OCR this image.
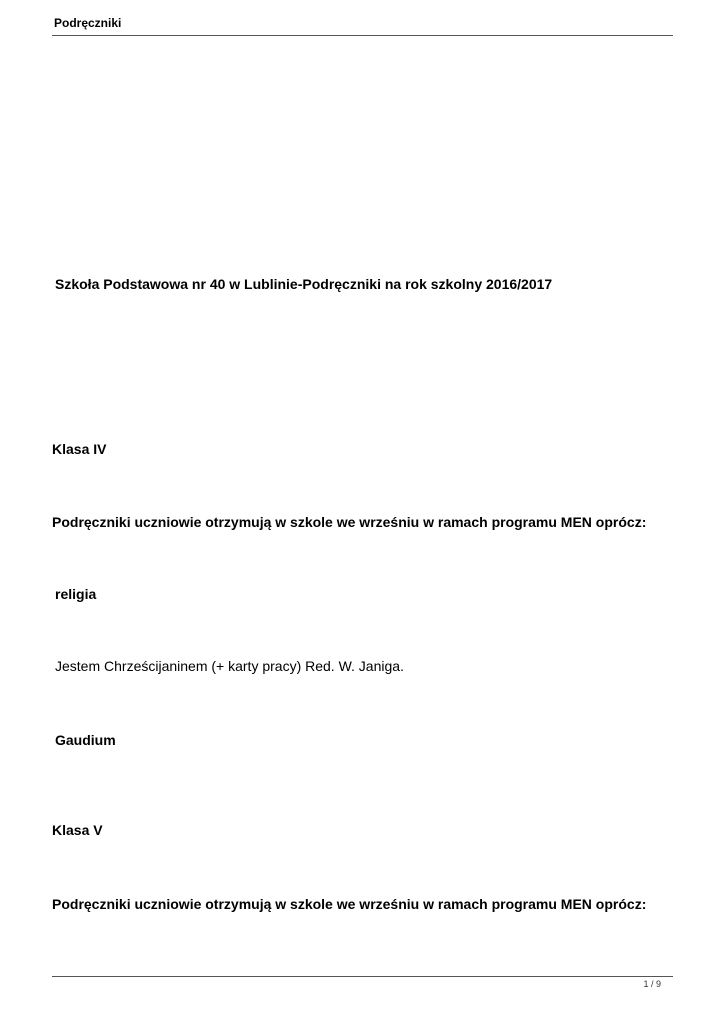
Podręczniki
Szkoła Podstawowa nr 40 w Lublinie-Podręczniki na rok szkolny 2016/2017
Klasa IV
Podręczniki uczniowie otrzymują w szkole we wrześniu w ramach programu MEN oprócz:
religia
Jestem Chrześcijaninem (+ karty pracy) Red. W. Janiga.
Gaudium
Klasa V
Podręczniki uczniowie otrzymują w szkole we wrześniu w ramach programu MEN oprócz:
1 / 9
